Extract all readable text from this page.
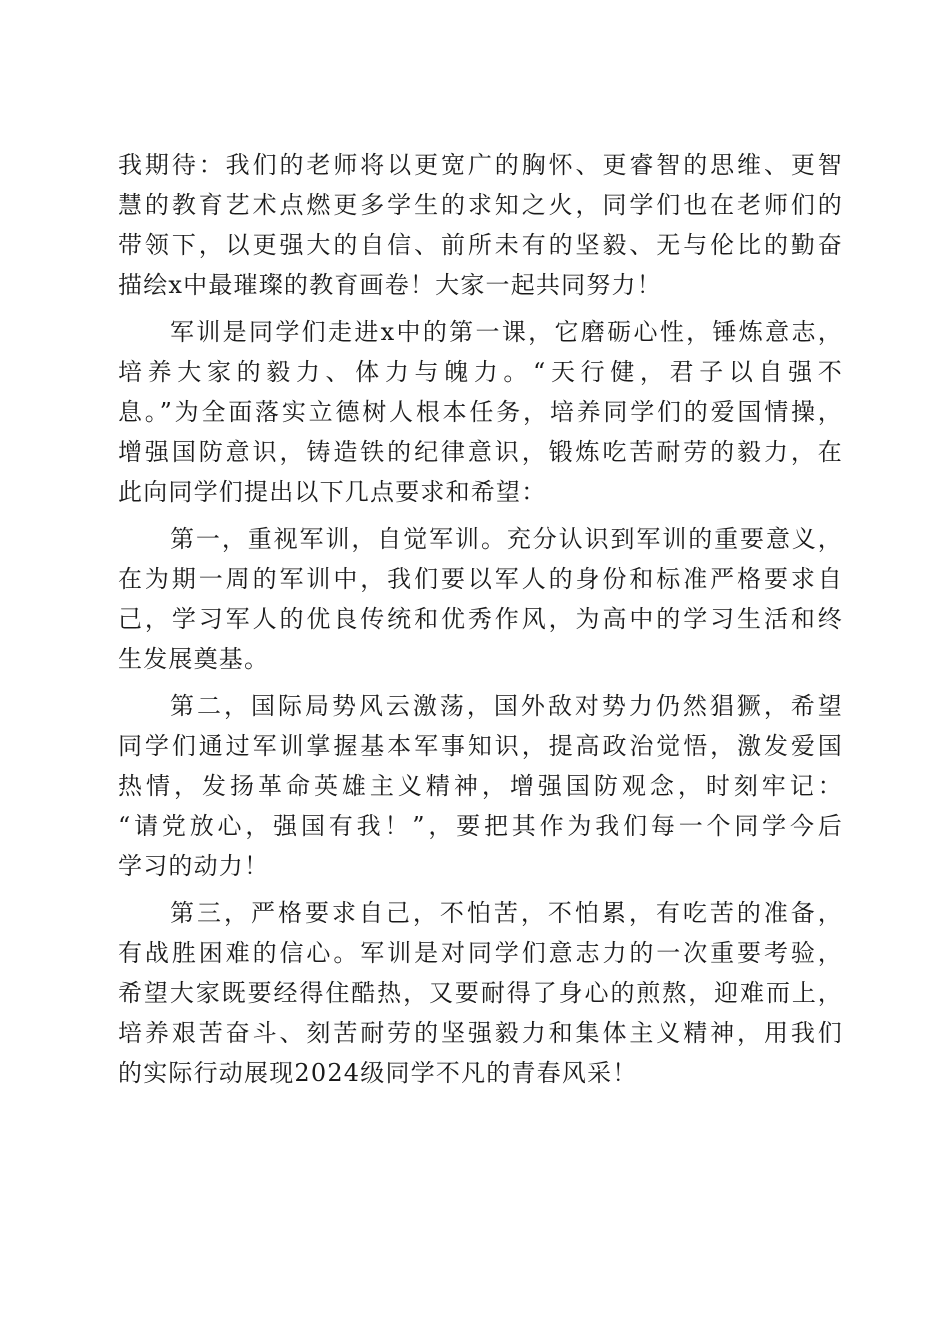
我期待：我们的老师将以更宽广的胸怀、更睿智的思维、更智
慧的教育艺术点燃更多学生的求知之火，同学们也在老师们的
带领下，以更强大的自信、前所未有的坚毅、无与伦比的勤奋
描绘x中最璀璨的教育画卷！大家一起共同努力！
军训是同学们走进x中的第一课，它磨砺心性，锤炼意志，
培养大家的毅力、体力与魄力。“天行健，君子以自强不
息。”为全面落实立德树人根本任务，培养同学们的爱国情操，
增强国防意识，铸造铁的纪律意识，锻炼吃苦耐劳的毅力，在
此向同学们提出以下几点要求和希望：
第一，重视军训，自觉军训。充分认识到军训的重要意义，
在为期一周的军训中，我们要以军人的身份和标准严格要求自
己，学习军人的优良传统和优秀作风，为高中的学习生活和终
生发展奠基。
第二，国际局势风云激荡，国外敌对势力仍然猖獗，希望
同学们通过军训掌握基本军事知识，提高政治觉悟，激发爱国
热情，发扬革命英雄主义精神，增强国防观念，时刻牢记：
“请党放心，强国有我！”，要把其作为我们每一个同学今后
学习的动力！
第三，严格要求自己，不怕苦，不怕累，有吃苦的准备，
有战胜困难的信心。军训是对同学们意志力的一次重要考验，
希望大家既要经得住酷热，又要耐得了身心的煎熬，迎难而上，
培养艰苦奋斗、刻苦耐劳的坚强毅力和集体主义精神，用我们
的实际行动展现2024级同学不凡的青春风采！
